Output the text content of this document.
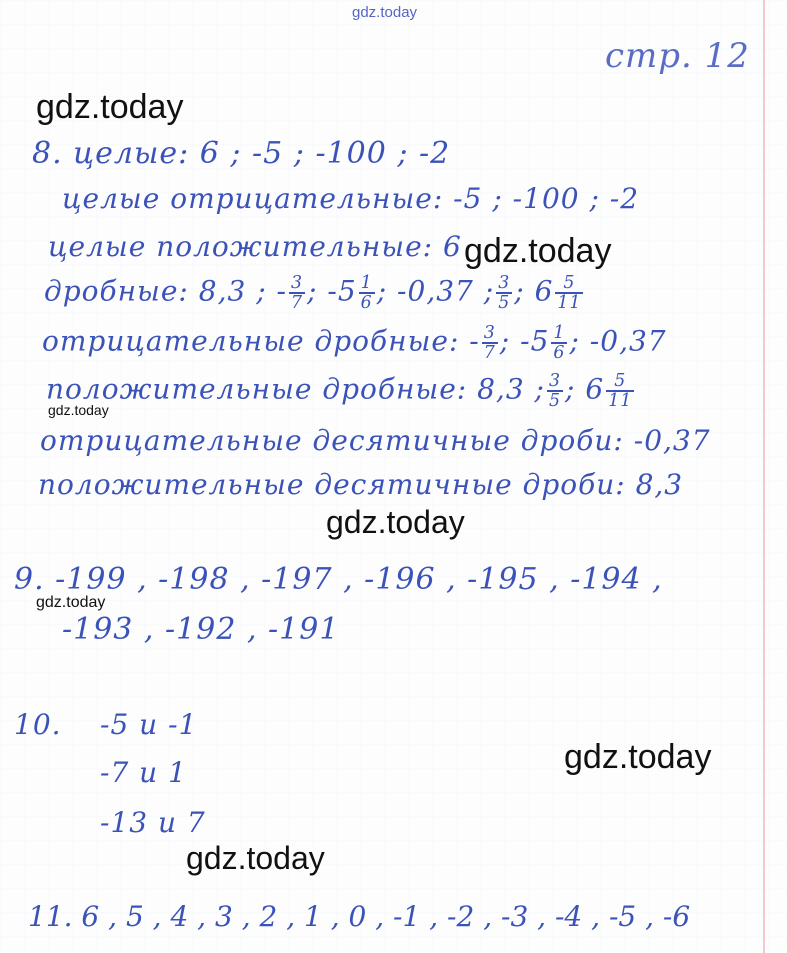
gdz.today
стр. 12
gdz.today
8. целые: 6 ; -5 ; -100 ; -2
целые отрицательные: -5 ; -100 ; -2
целые положительные: 6 gdz.today
дробные: 8,3 ; - $\frac{3}{7}$ ; $-5 \frac{1}{6}$ ; -0,37 ; $\frac{3}{5}$ ; $6 \frac{5}{11}$
отрицательные дробные: - $\frac{3}{7}$ ; $-5 \frac{1}{6}$ ; -0,37
положительные дробные: 8,3 ; $\frac{3}{5}$ ; $6 \frac{5}{11}$
gdz.today
отрицательные десятичные дроби: -0,37
положительные десятичные дроби: 8,3
gdz.today
9. -199 , -198 , -197 , -196 , -195 , -194 ,
gdz.today
-193 , -192 , -191
10. -5 и -1
-7 и 1
-13 и 7
gdz.today
gdz.today
11. 6 , 5 , 4 , 3 , 2 , 1 , 0 , -1 , -2 , -3 , -4 , -5 , -6
